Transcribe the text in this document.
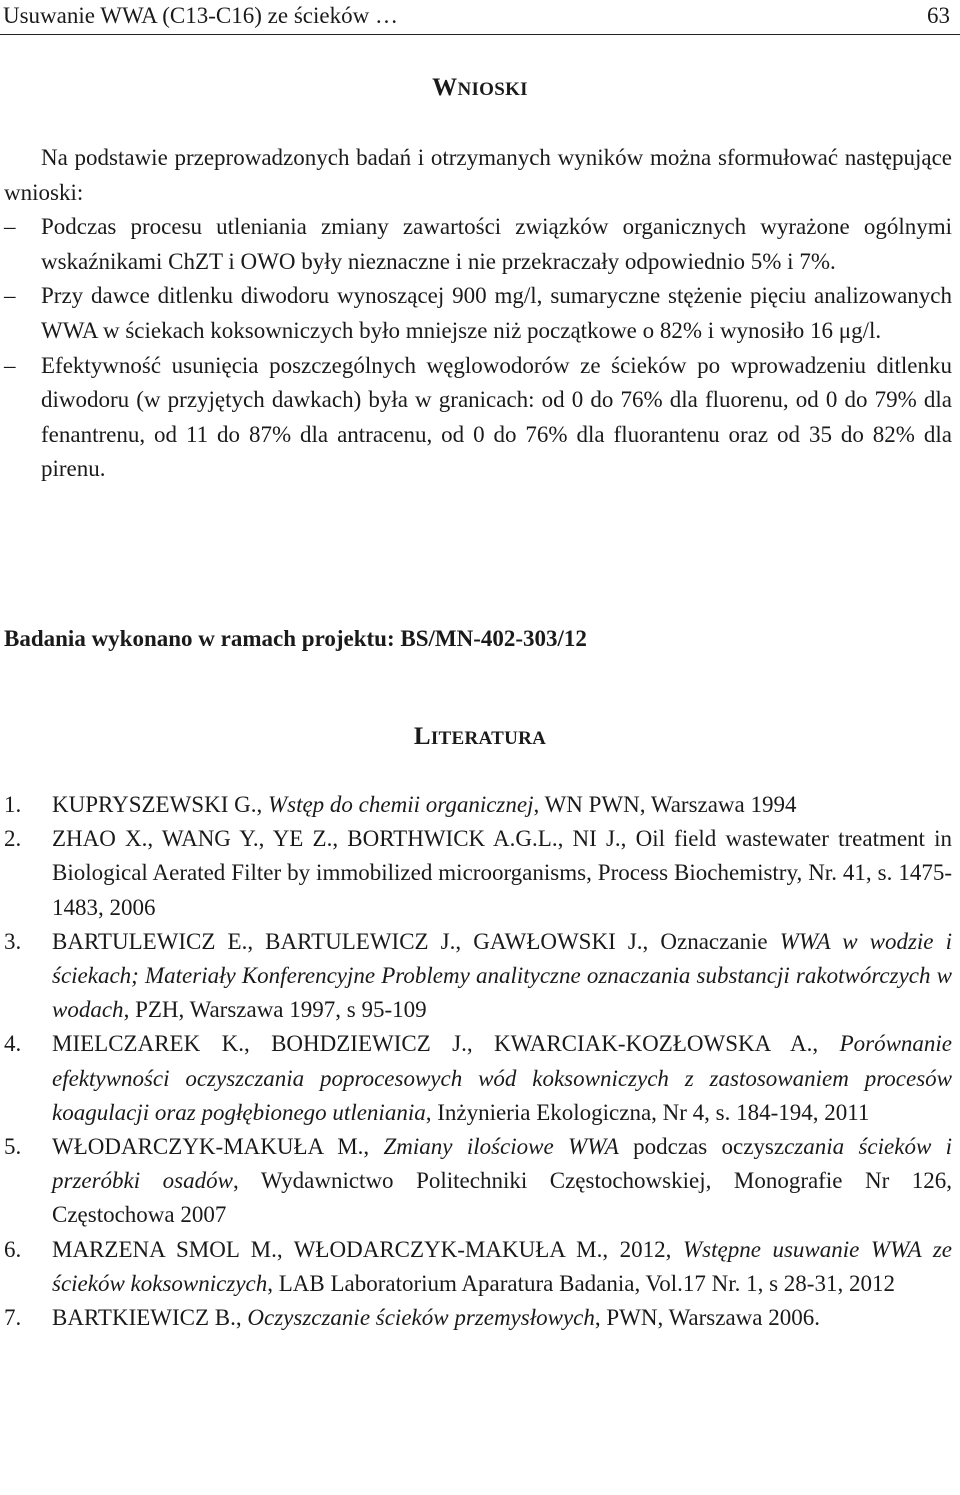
Usuwanie WWA (C13-C16) ze ścieków …	63
WNIOSKI

Na podstawie przeprowadzonych badań i otrzymanych wyników można sformułować następujące wnioski:

– Podczas procesu utleniania zmiany zawartości związków organicznych wyrażone ogólnymi wskaźnikami ChZT i OWO były nieznaczne i nie przekraczały odpowiednio 5% i 7%.

– Przy dawce ditlenku diwodoru wynoszącej 900 mg/l, sumaryczne stężenie pięciu analizowanych WWA w ściekach koksowniczych było mniejsze niż początkowe o 82% i wynosiło 16 μg/l.

– Efektywność usunięcia poszczególnych węglowodorów ze ścieków po wprowadzeniu ditlenku diwodoru (w przyjętych dawkach) była w granicach: od 0 do 76% dla fluorenu, od 0 do 79% dla fenantrenu, od 11 do 87% dla antracenu, od 0 do 76% dla fluorantenu oraz od 35 do 82% dla pirenu.

Badania wykonano w ramach projektu: BS/MN-402-303/12
LITERATURA
1. KUPRYSZEWSKI G., Wstęp do chemii organicznej, WN PWN, Warszawa 1994
2. ZHAO X., WANG Y., YE Z., BORTHWICK A.G.L., NI J., Oil field wastewater treatment in Biological Aerated Filter by immobilized microorganisms, Process Biochemistry, Nr. 41, s. 1475-1483, 2006
3. BARTULEWICZ E., BARTULEWICZ J., GAWŁOWSKI J., Oznaczanie WWA w wodzie i ściekach; Materiały Konferencyjne Problemy analityczne oznaczania substancji rakotwórczych w wodach, PZH, Warszawa 1997, s 95-109
4. MIELCZAREK K., BOHDZIEWICZ J., KWARCIAK-KOZŁOWSKA A., Porównanie efektywności oczyszczania poprocesowych wód koksowniczych z zastosowaniem procesów koagulacji oraz pogłębionego utleniania, Inżynieria Ekologiczna, Nr 4, s. 184-194, 2011
5. WŁODARCZYK-MAKUŁA M., Zmiany ilościowe WWA podczas oczyszczania ścieków i przeróbki osadów, Wydawnictwo Politechniki Częstochowskiej, Monografie Nr 126, Częstochowa 2007
6. MARZENA SMOL M., WŁODARCZYK-MAKUŁA M., 2012, Wstępne usuwanie WWA ze ścieków koksowniczych, LAB Laboratorium Aparatura Badania, Vol.17 Nr. 1, s 28-31, 2012
7. BARTKIEWICZ B., Oczyszczanie ścieków przemysłowych, PWN, Warszawa 2006.
